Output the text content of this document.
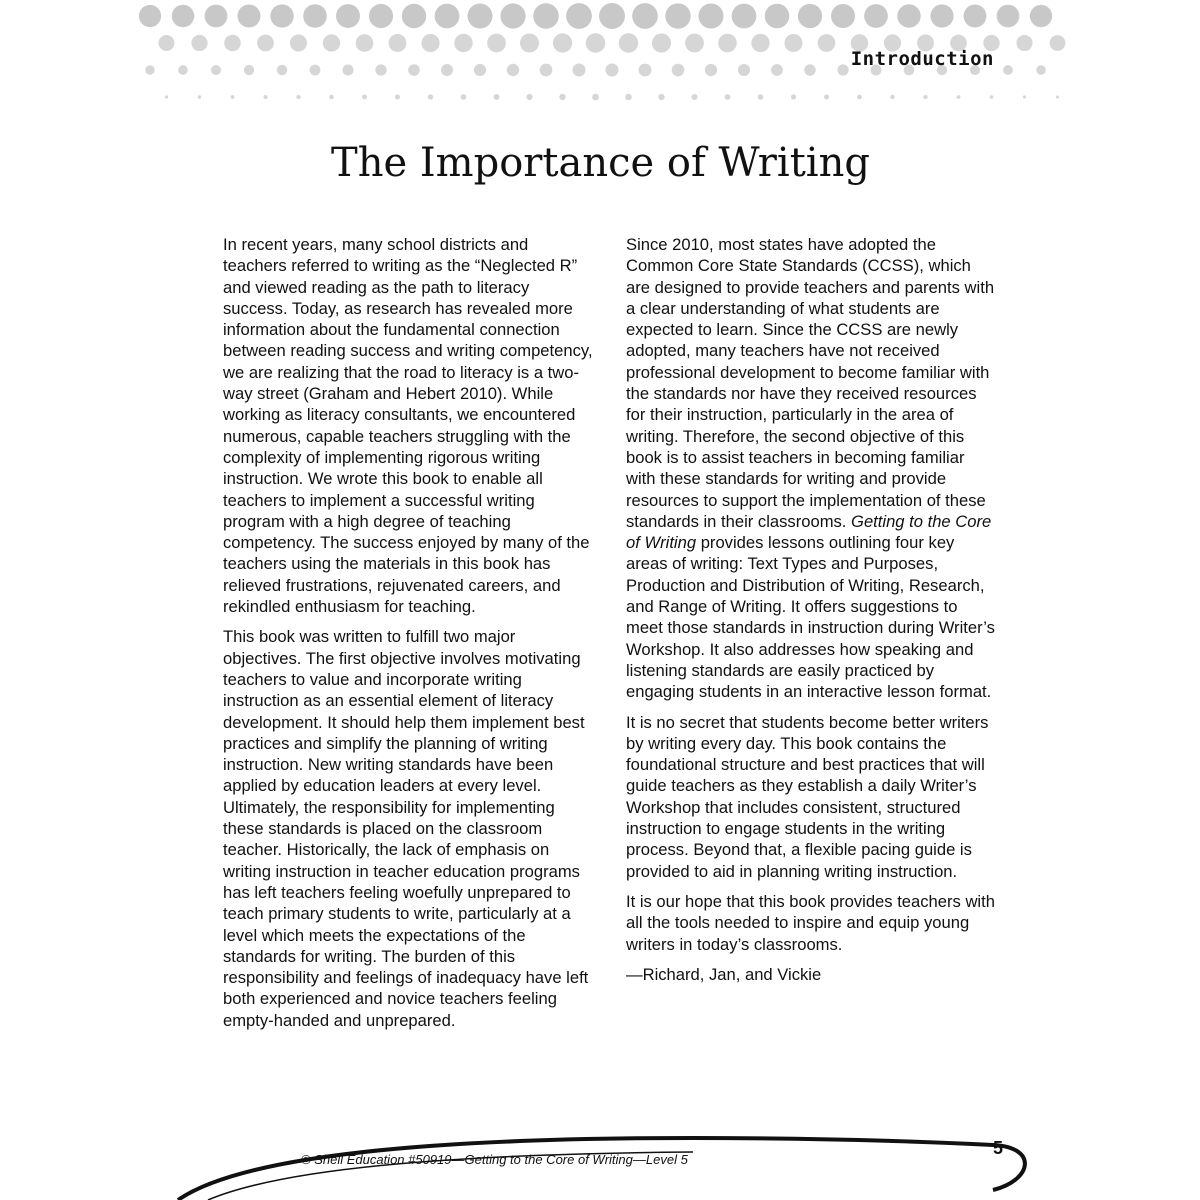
Introduction
The Importance of Writing

In recent years, many school districts and teachers referred to writing as the “Neglected R” and viewed reading as the path to literacy success. Today, as research has revealed more information about the fundamental connection between reading success and writing competency, we are realizing that the road to literacy is a two-way street (Graham and Hebert 2010). While working as literacy consultants, we encountered numerous, capable teachers struggling with the complexity of implementing rigorous writing instruction. We wrote this book to enable all teachers to implement a successful writing program with a high degree of teaching competency. The success enjoyed by many of the teachers using the materials in this book has relieved frustrations, rejuvenated careers, and rekindled enthusiasm for teaching.

This book was written to fulfill two major objectives. The first objective involves motivating teachers to value and incorporate writing instruction as an essential element of literacy development. It should help them implement best practices and simplify the planning of writing instruction. New writing standards have been applied by education leaders at every level. Ultimately, the responsibility for implementing these standards is placed on the classroom teacher. Historically, the lack of emphasis on writing instruction in teacher education programs has left teachers feeling woefully unprepared to teach primary students to write, particularly at a level which meets the expectations of the standards for writing. The burden of this responsibility and feelings of inadequacy have left both experienced and novice teachers feeling empty-handed and unprepared.

Since 2010, most states have adopted the Common Core State Standards (CCSS), which are designed to provide teachers and parents with a clear understanding of what students are expected to learn. Since the CCSS are newly adopted, many teachers have not received professional development to become familiar with the standards nor have they received resources for their instruction, particularly in the area of writing. Therefore, the second objective of this book is to assist teachers in becoming familiar with these standards for writing and provide resources to support the implementation of these standards in their classrooms. Getting to the Core of Writing provides lessons outlining four key areas of writing: Text Types and Purposes, Production and Distribution of Writing, Research, and Range of Writing. It offers suggestions to meet those standards in instruction during Writer’s Workshop. It also addresses how speaking and listening standards are easily practiced by engaging students in an interactive lesson format.

It is no secret that students become better writers by writing every day. This book contains the foundational structure and best practices that will guide teachers as they establish a daily Writer’s Workshop that includes consistent, structured instruction to engage students in the writing process. Beyond that, a flexible pacing guide is provided to aid in planning writing instruction.

It is our hope that this book provides teachers with all the tools needed to inspire and equip young writers in today’s classrooms.

—Richard, Jan, and Vickie

© Shell Education #50919—Getting to the Core of Writing—Level 5
5
